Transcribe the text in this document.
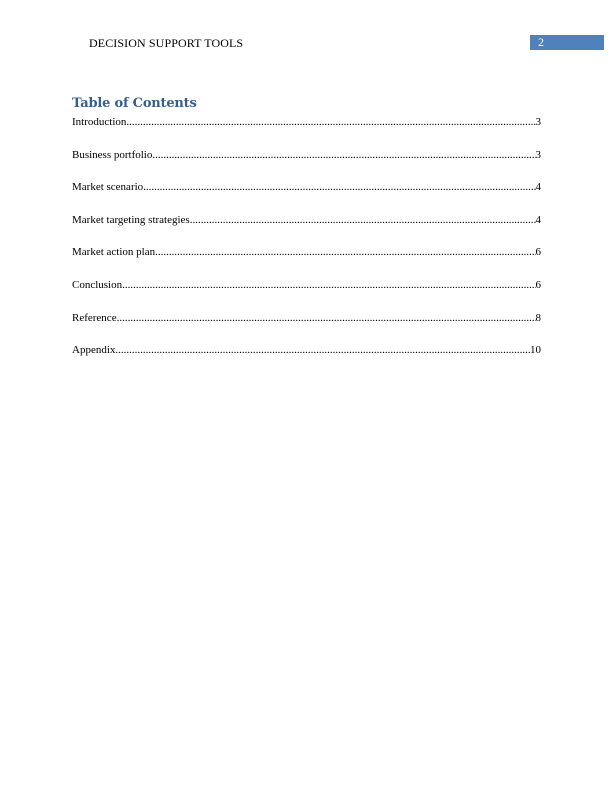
DECISION SUPPORT TOOLS	2
Table of Contents
Introduction .....	3
Business portfolio .....	3
Market scenario .....	4
Market targeting strategies .....	4
Market action plan .....	6
Conclusion .....	6
Reference .....	8
Appendix .....	10
